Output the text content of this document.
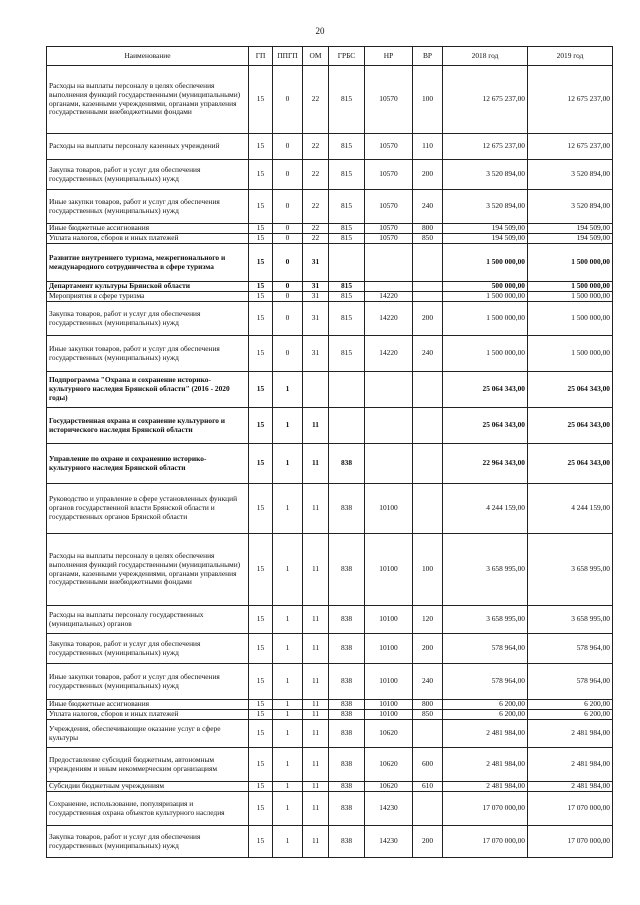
20
Наименование	ГП	ППГП	ОМ	ГРБС	НР	ВР	2018 год	2019 год
Расходы на выплаты персоналу в целях обеспечения выполнения функций государственными (муниципальными) органами, казенными учреждениями, органами управления государственными внебюджетными фондами	15	0	22	815	10570	100	12 675 237,00	12 675 237,00
Расходы на выплаты персоналу казенных учреждений	15	0	22	815	10570	110	12 675 237,00	12 675 237,00
Закупка товаров, работ и услуг для обеспечения государственных (муниципальных) нужд	15	0	22	815	10570	200	3 520 894,00	3 520 894,00
Иные закупки товаров, работ и услуг для обеспечения государственных (муниципальных) нужд	15	0	22	815	10570	240	3 520 894,00	3 520 894,00
Иные бюджетные ассигнования	15	0	22	815	10570	800	194 509,00	194 509,00
Уплата налогов, сборов и иных платежей	15	0	22	815	10570	850	194 509,00	194 509,00
Развитие внутреннего туризма, межрегионального и международного сотрудничества в сфере туризма	15	0	31				1 500 000,00	1 500 000,00
Департамент культуры Брянской области	15	0	31	815			500 000,00	1 500 000,00
Мероприятия в сфере туризма	15	0	31	815	14220		1 500 000,00	1 500 000,00
Закупка товаров, работ и услуг для обеспечения государственных (муниципальных) нужд	15	0	31	815	14220	200	1 500 000,00	1 500 000,00
Иные закупки товаров, работ и услуг для обеспечения государственных (муниципальных) нужд	15	0	31	815	14220	240	1 500 000,00	1 500 000,00
Подпрограмма "Охрана и сохранение историко-культурного наследия Брянской области" (2016 - 2020 годы)	15	1					25 064 343,00	25 064 343,00
Государственная охрана и сохранение культурного и исторического наследия Брянской области	15	1	11				25 064 343,00	25 064 343,00
Управление по охране и сохранению историко-культурного наследия Брянской области	15	1	11	838			22 964 343,00	25 064 343,00
Руководство и управление в сфере установленных функций органов государственной власти Брянской области и государственных органов Брянской области	15	1	11	838	10100		4 244 159,00	4 244 159,00
Расходы на выплаты персоналу в целях обеспечения выполнения функций государственными (муниципальными) органами, казенными учреждениями, органами управления государственными внебюджетными фондами	15	1	11	838	10100	100	3 658 995,00	3 658 995,00
Расходы на выплаты персоналу государственных (муниципальных) органов	15	1	11	838	10100	120	3 658 995,00	3 658 995,00
Закупка товаров, работ и услуг для обеспечения государственных (муниципальных) нужд	15	1	11	838	10100	200	578 964,00	578 964,00
Иные закупки товаров, работ и услуг для обеспечения государственных (муниципальных) нужд	15	1	11	838	10100	240	578 964,00	578 964,00
Иные бюджетные ассигнования	15	1	11	838	10100	800	6 200,00	6 200,00
Уплата налогов, сборов и иных платежей	15	1	11	838	10100	850	6 200,00	6 200,00
Учреждения, обеспечивающие оказание услуг в сфере культуры	15	1	11	838	10620		2 481 984,00	2 481 984,00
Предоставление субсидий бюджетным, автономным учреждениям и иным некоммерческим организациям	15	1	11	838	10620	600	2 481 984,00	2 481 984,00
Субсидии бюджетным учреждениям	15	1	11	838	10620	610	2 481 984,00	2 481 984,00
Сохранение, использование, популяризация и государственная охрана объектов культурного наследия	15	1	11	838	14230		17 070 000,00	17 070 000,00
Закупка товаров, работ и услуг для обеспечения государственных (муниципальных) нужд	15	1	11	838	14230	200	17 070 000,00	17 070 000,00
